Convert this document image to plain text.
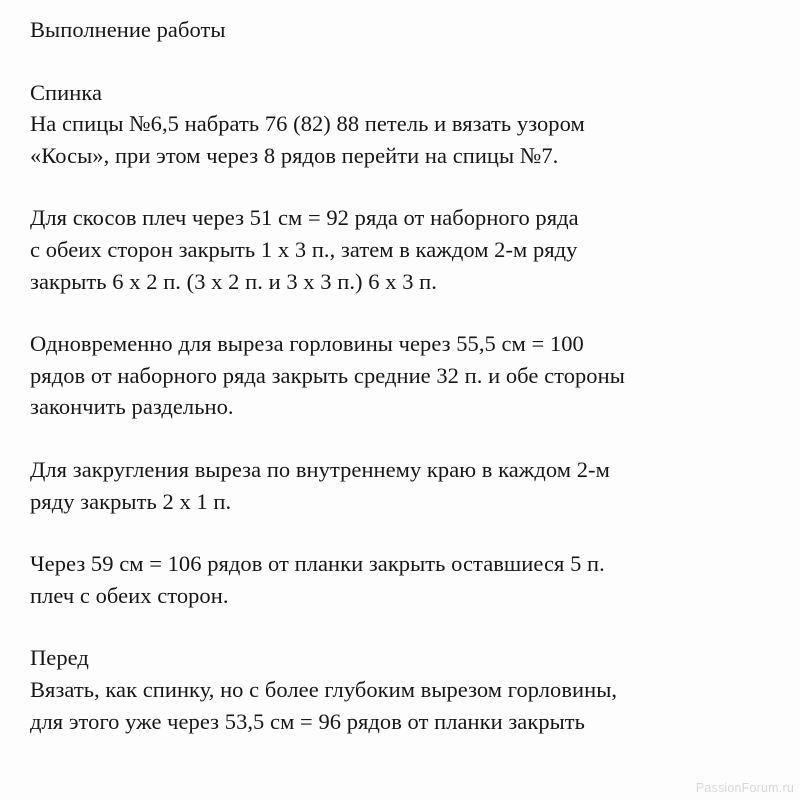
Выполнение работы
Спинка
На спицы №6,5 набрать 76 (82) 88 петель и вязать узором
«Косы», при этом через 8 рядов перейти на спицы №7.
Для скосов плеч через 51 см = 92 ряда от наборного ряда
с обеих сторон закрыть 1 х 3 п., затем в каждом 2-м ряду
закрыть 6 х 2 п. (3 х 2 п. и 3 х 3 п.) 6 х 3 п.
Одновременно для выреза горловины через 55,5 см = 100
рядов от наборного ряда закрыть средние 32 п. и обе стороны
закончить раздельно.
Для закругления выреза по внутреннему краю в каждом 2-м
ряду закрыть 2 х 1 п.
Через 59 см = 106 рядов от планки закрыть оставшиеся 5 п.
плеч с обеих сторон.
Перед
Вязать, как спинку, но с более глубоким вырезом горловины,
для этого уже через 53,5 см = 96 рядов от планки закрыть
PassionForum.ru
